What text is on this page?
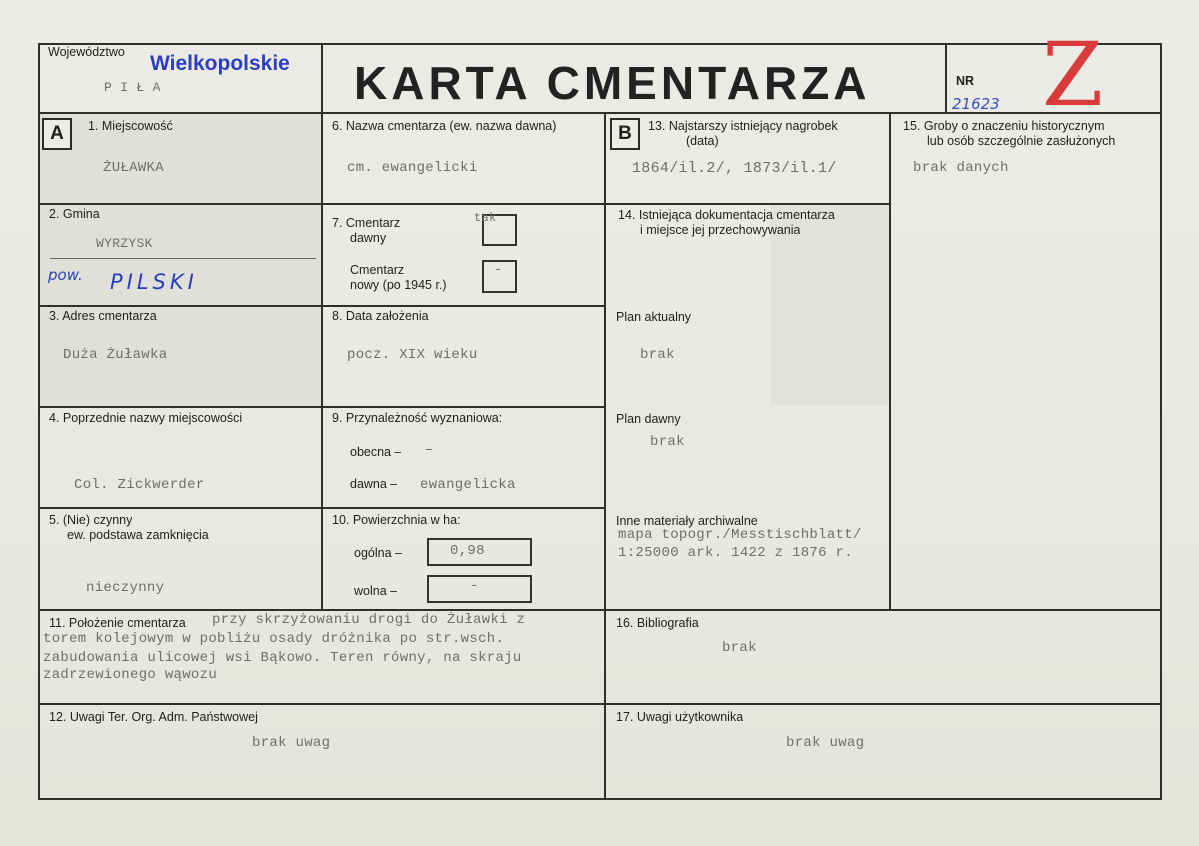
Województwo Wielkopolskie
P I Ł A	KARTA CMENTARZA	NR
21623 Z
A	B
1. Miejscowość
ŻUŁAWKA
2. Gmina
WYRZYSK
pow. PILSKI
3. Adres cmentarza
Duża Żuławka
4. Poprzednie nazwy miejscowości
Col. Zickwerder
5. (Nie) czynny
ew. podstawa zamknięcia
nieczynny
6. Nazwa cmentarza (ew. nazwa dawna)
cm. ewangelicki
7. Cmentarz
dawny
tak
Cmentarz
nowy (po 1945 r.)
-
8. Data założenia
pocz. XIX wieku
9. Przynależność wyznaniowa:
obecna – –
dawna – ewangelicka
10. Powierzchnia w ha:
ogólna –	0,98
wolna –	-
11. Położenie cmentarza przy skrzyżowaniu drogi do Żuławki z
torem kolejowym w pobliżu osady dróżnika po str.wsch.
zabudowania ulicowej wsi Bąkowo. Teren równy, na skraju
zadrzewionego wąwozu
12. Uwagi Ter. Org. Adm. Państwowej
brak uwag
13. Najstarszy istniejący nagrobek
(data)
1864/il.2/, 1873/il.1/
14. Istniejąca dokumentacja cmentarza
i miejsce jej przechowywania
Plan aktualny
brak
Plan dawny
brak
Inne materiały archiwalne
mapa topogr./Messtischblatt/
1:25000 ark. 1422 z 1876 r.
15. Groby o znaczeniu historycznym
lub osób szczególnie zasłużonych
brak danych
16. Bibliografia
brak
17. Uwagi użytkownika
brak uwag
